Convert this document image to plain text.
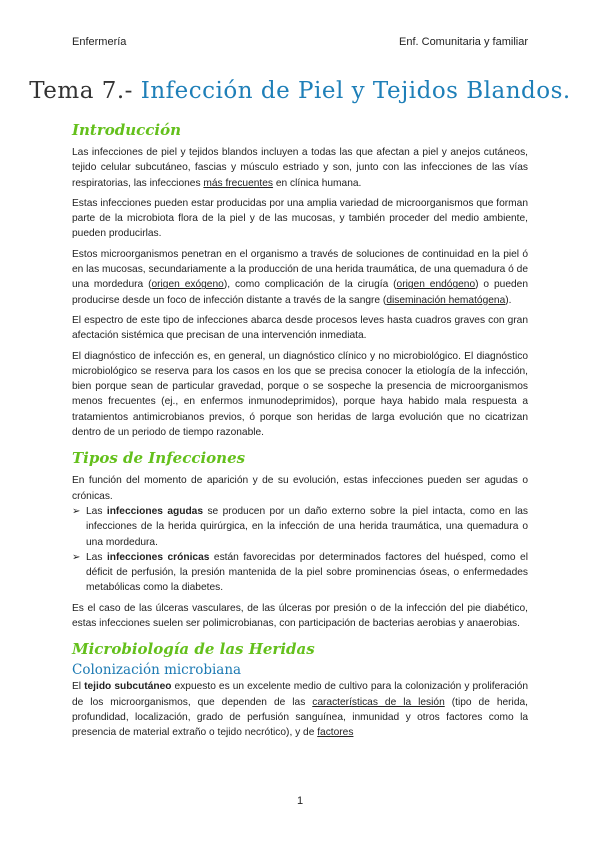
Enfermería	Enf. Comunitaria y familiar
Tema 7.- Infección de Piel y Tejidos Blandos.
Introducción

Las infecciones de piel y tejidos blandos incluyen a todas las que afectan a piel y anejos cutáneos, tejido celular subcutáneo, fascias y músculo estriado y son, junto con las infecciones de las vías respiratorias, las infecciones más frecuentes en clínica humana.

Estas infecciones pueden estar producidas por una amplia variedad de microorganismos que forman parte de la microbiota flora de la piel y de las mucosas, y también proceder del medio ambiente, pueden producirlas.

Estos microorganismos penetran en el organismo a través de soluciones de continuidad en la piel ó en las mucosas, secundariamente a la producción de una herida traumática, de una quemadura ó de una mordedura (origen exógeno), como complicación de la cirugía (origen endógeno) o pueden producirse desde un foco de infección distante a través de la sangre (diseminación hematógena).

El espectro de este tipo de infecciones abarca desde procesos leves hasta cuadros graves con gran afectación sistémica que precisan de una intervención inmediata.

El diagnóstico de infección es, en general, un diagnóstico clínico y no microbiológico. El diagnóstico microbiológico se reserva para los casos en los que se precisa conocer la etiología de la infección, bien porque sean de particular gravedad, porque o se sospeche la presencia de microorganismos menos frecuentes (ej., en enfermos inmunodeprimidos), porque haya habido mala respuesta a tratamientos antimicrobianos previos, ó porque son heridas de larga evolución que no cicatrizan dentro de un periodo de tiempo razonable.

Tipos de Infecciones

En función del momento de aparición y de su evolución, estas infecciones pueden ser agudas o crónicas.

➢ Las infecciones agudas se producen por un daño externo sobre la piel intacta, como en las infecciones de la herida quirúrgica, en la infección de una herida traumática, una quemadura o una mordedura.
➢ Las infecciones crónicas están favorecidas por determinados factores del huésped, como el déficit de perfusión, la presión mantenida de la piel sobre prominencias óseas, o enfermedades metabólicas como la diabetes.

Es el caso de las úlceras vasculares, de las úlceras por presión o de la infección del pie diabético, estas infecciones suelen ser polimicrobianas, con participación de bacterias aerobias y anaerobias.

Microbiología de las Heridas
Colonización microbiana

El tejido subcutáneo expuesto es un excelente medio de cultivo para la colonización y proliferación de los microorganismos, que dependen de las características de la lesión (tipo de herida, profundidad, localización, grado de perfusión sanguínea, inmunidad y otros factores como la presencia de material extraño o tejido necrótico), y de factores

1
